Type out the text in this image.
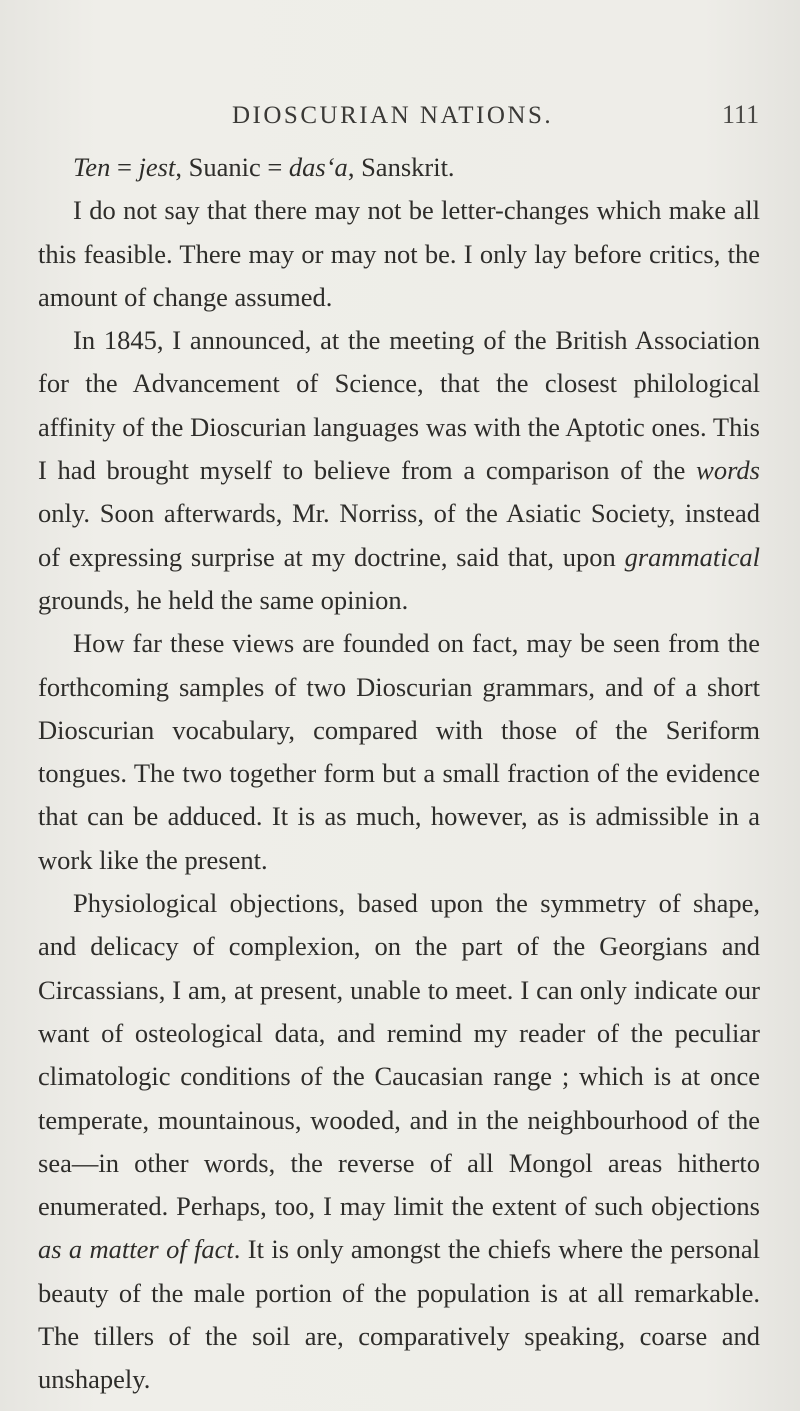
DIOSCURIAN NATIONS.	111

Ten = jest, Suanic = das‘a, Sanskrit.

I do not say that there may not be letter-changes which make all this feasible. There may or may not be. I only lay before critics, the amount of change assumed.

In 1845, I announced, at the meeting of the British Association for the Advancement of Science, that the closest philological affinity of the Dioscurian languages was with the Aptotic ones. This I had brought myself to believe from a comparison of the words only. Soon afterwards, Mr. Norriss, of the Asiatic Society, instead of expressing surprise at my doctrine, said that, upon grammatical grounds, he held the same opinion.

How far these views are founded on fact, may be seen from the forthcoming samples of two Dioscurian grammars, and of a short Dioscurian vocabulary, compared with those of the Seriform tongues. The two together form but a small fraction of the evidence that can be adduced. It is as much, however, as is admissible in a work like the present.

Physiological objections, based upon the symmetry of shape, and delicacy of complexion, on the part of the Georgians and Circassians, I am, at present, unable to meet. I can only indicate our want of osteological data, and remind my reader of the peculiar climatologic conditions of the Caucasian range ; which is at once temperate, mountainous, wooded, and in the neighbourhood of the sea—in other words, the reverse of all Mongol areas hitherto enumerated. Perhaps, too, I may limit the extent of such objections as a matter of fact. It is only amongst the chiefs where the personal beauty of the male portion of the population is at all remarkable. The tillers of the soil are, comparatively speaking, coarse and unshapely.
